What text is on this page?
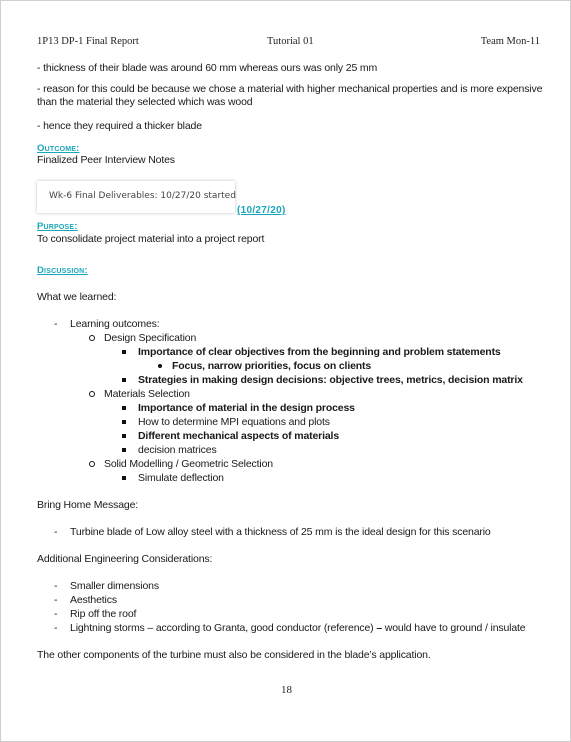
1P13 DP-1 Final Report	Tutorial 01	Team Mon-11
- thickness of their blade was around 60 mm whereas ours was only 25 mm
- reason for this could be because we chose a material with higher mechanical properties and is more expensive than the material they selected which was wood
- hence they required a thicker blade
Outcome:
Finalized Peer Interview Notes
Wk-6 Final Deliverables: 10/27/20 started
(10/27/20)
Purpose:
To consolidate project material into a project report
Discussion:
What we learned:
- Learning outcomes:
Design Specification
Importance of clear objectives from the beginning and problem statements
Focus, narrow priorities, focus on clients
Strategies in making design decisions: objective trees, metrics, decision matrix
Materials Selection
Importance of material in the design process
How to determine MPI equations and plots
Different mechanical aspects of materials
decision matrices
Solid Modelling / Geometric Selection
Simulate deflection
Bring Home Message:
- Turbine blade of Low alloy steel with a thickness of 25 mm is the ideal design for this scenario
Additional Engineering Considerations:
- Smaller dimensions
- Aesthetics
- Rip off the roof
- Lightning storms – according to Granta, good conductor (reference) – would have to ground / insulate
The other components of the turbine must also be considered in the blade’s application.
18
